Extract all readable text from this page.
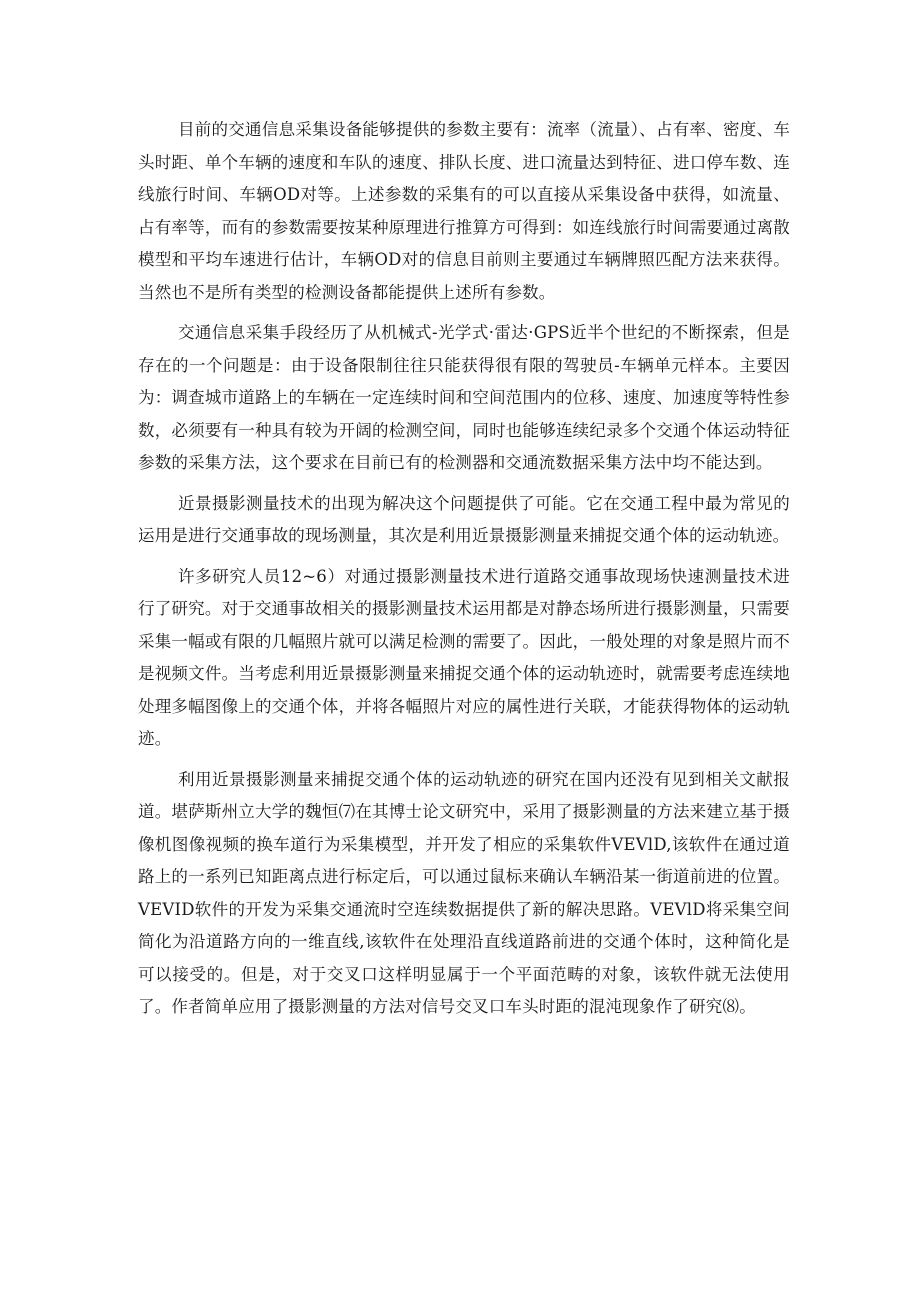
目前的交通信息采集设备能够提供的参数主要有：流率（流量）、占有率、密度、车头时距、单个车辆的速度和车队的速度、排队长度、进口流量达到特征、进口停车数、连线旅行时间、车辆OD对等。上述参数的采集有的可以直接从采集设备中获得，如流量、占有率等，而有的参数需要按某种原理进行推算方可得到：如连线旅行时间需要通过离散模型和平均车速进行估计，车辆OD对的信息目前则主要通过车辆牌照匹配方法来获得。当然也不是所有类型的检测设备都能提供上述所有参数。

交通信息采集手段经历了从机械式-光学式·雷达·GPS近半个世纪的不断探索，但是存在的一个问题是：由于设备限制往往只能获得很有限的驾驶员-车辆单元样本。主要因为：调查城市道路上的车辆在一定连续时间和空间范围内的位移、速度、加速度等特性参数，必须要有一种具有较为开阔的检测空间，同时也能够连续纪录多个交通个体运动特征参数的采集方法，这个要求在目前已有的检测器和交通流数据采集方法中均不能达到。

近景摄影测量技术的出现为解决这个问题提供了可能。它在交通工程中最为常见的运用是进行交通事故的现场测量，其次是利用近景摄影测量来捕捉交通个体的运动轨迹。

许多研究人员12~6）对通过摄影测量技术进行道路交通事故现场快速测量技术进行了研究。对于交通事故相关的摄影测量技术运用都是对静态场所进行摄影测量，只需要采集一幅或有限的几幅照片就可以满足检测的需要了。因此，一般处理的对象是照片而不是视频文件。当考虑利用近景摄影测量来捕捉交通个体的运动轨迹时，就需要考虑连续地处理多幅图像上的交通个体，并将各幅照片对应的属性进行关联，才能获得物体的运动轨迹。

利用近景摄影测量来捕捉交通个体的运动轨迹的研究在国内还没有见到相关文献报道。堪萨斯州立大学的魏恒⑺在其博士论文研究中，采用了摄影测量的方法来建立基于摄像机图像视频的换车道行为采集模型，并开发了相应的采集软件VEVlD,该软件在通过道路上的一系列已知距离点进行标定后，可以通过鼠标来确认车辆沿某一街道前进的位置。VEVID软件的开发为采集交通流时空连续数据提供了新的解决思路。VEVlD将采集空间简化为沿道路方向的一维直线,该软件在处理沿直线道路前进的交通个体时，这种简化是可以接受的。但是，对于交叉口这样明显属于一个平面范畴的对象，该软件就无法使用了。作者简单应用了摄影测量的方法对信号交叉口车头时距的混沌现象作了研究⑻。
